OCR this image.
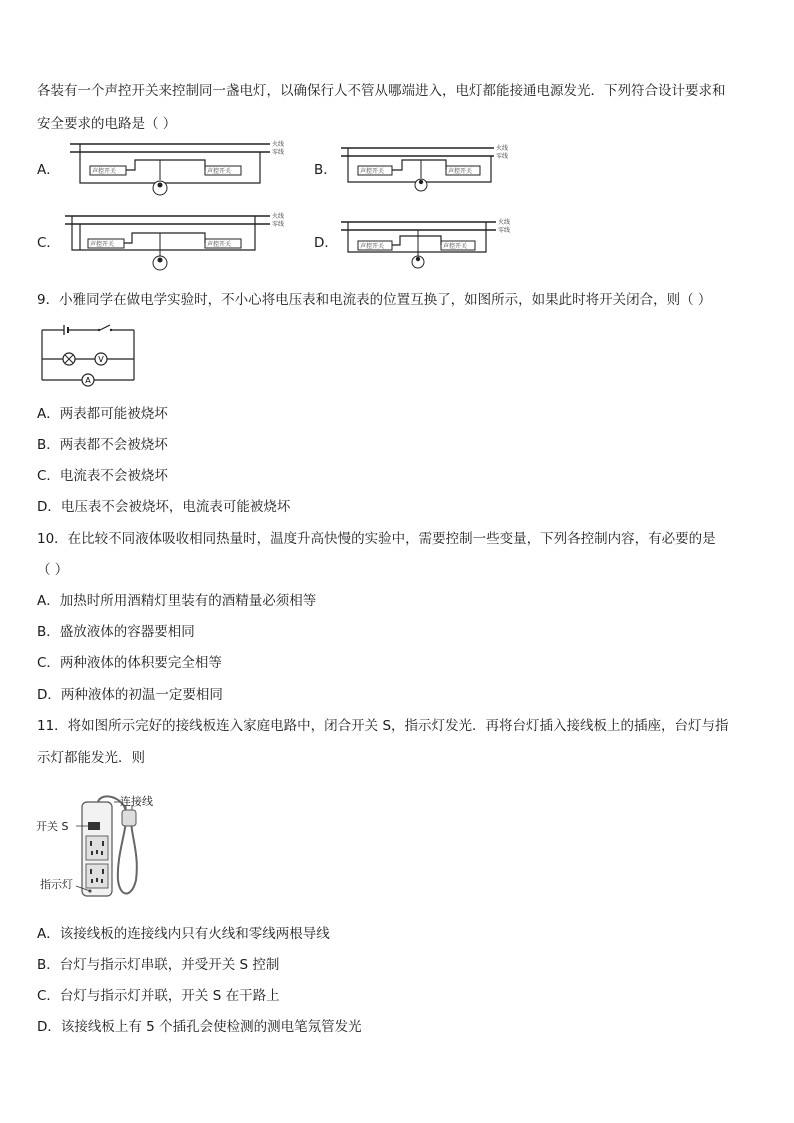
各装有一个声控开关来控制同一盏电灯，以确保行人不管从哪端进入，电灯都能接通电源发光．下列符合设计要求和
安全要求的电路是（ ）
A．
火线
零线
声控开关	声控开关	B．
火线
零线
声控开关	声控开关
C．
火线
零线
声控开关	声控开关	D．
火线
零线
声控开关	声控开关
9．小雅同学在做电学实验时，不小心将电压表和电流表的位置互换了，如图所示，如果此时将开关闭合，则（ ）
V
A
A．两表都可能被烧坏
B．两表都不会被烧坏
C．电流表不会被烧坏
D．电压表不会被烧坏，电流表可能被烧坏
10．在比较不同液体吸收相同热量时，温度升高快慢的实验中，需要控制一些变量，下列各控制内容，有必要的是
（ ）
A．加热时所用酒精灯里装有的酒精量必须相等
B．盛放液体的容器要相同
C．两种液体的体积要完全相等
D．两种液体的初温一定要相同
11．将如图所示完好的接线板连入家庭电路中，闭合开关 S，指示灯发光．再将台灯插入接线板上的插座，台灯与指
示灯都能发光．则
连接线
开关 S
指示灯
A．该接线板的连接线内只有火线和零线两根导线
B．台灯与指示灯串联，并受开关 S 控制
C．台灯与指示灯并联，开关 S 在干路上
D．该接线板上有 5 个插孔会使检测的测电笔氖管发光
